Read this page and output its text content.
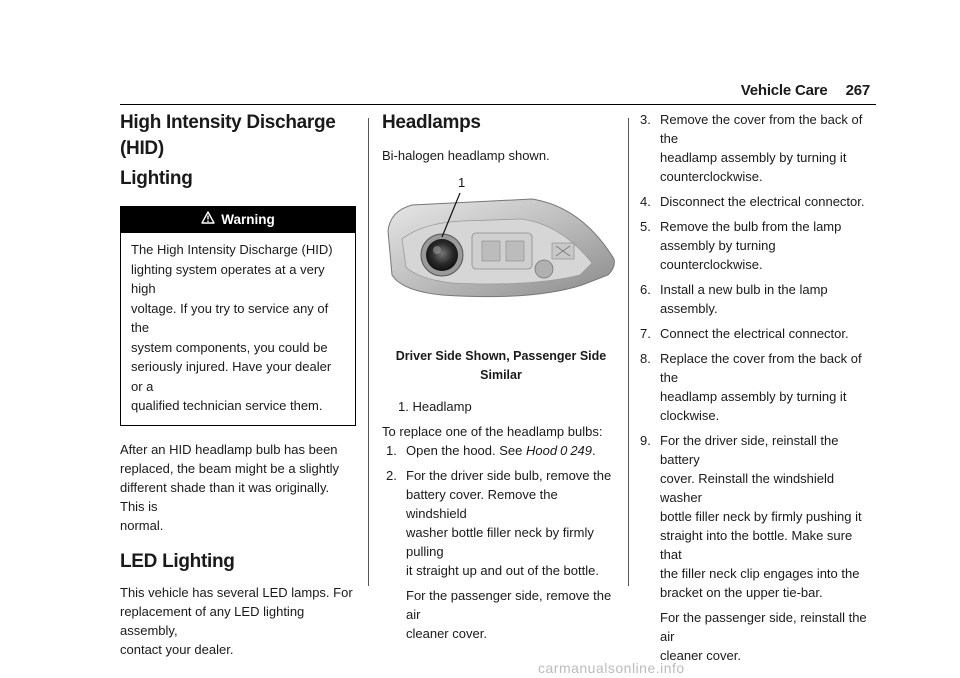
Vehicle Care 267
High Intensity Discharge (HID)
Lighting
Warning
The High Intensity Discharge (HID)
lighting system operates at a very high
voltage. If you try to service any of the
system components, you could be
seriously injured. Have your dealer or a
qualified technician service them.

After an HID headlamp bulb has been
replaced, the beam might be a slightly
different shade than it was originally. This is
normal.

LED Lighting

This vehicle has several LED lamps. For
replacement of any LED lighting assembly,
contact your dealer.

Headlamps

Bi-halogen headlamp shown.

1

Driver Side Shown, Passenger Side Similar

1. Headlamp

To replace one of the headlamp bulbs:

1. Open the hood. See Hood 0 249.
2. For the driver side bulb, remove the
battery cover. Remove the windshield
washer bottle filler neck by firmly pulling
it straight up and out of the bottle.
For the passenger side, remove the air
cleaner cover.
3. Remove the cover from the back of the
headlamp assembly by turning it
counterclockwise.
4. Disconnect the electrical connector.
5. Remove the bulb from the lamp
assembly by turning counterclockwise.
6. Install a new bulb in the lamp assembly.
7. Connect the electrical connector.
8. Replace the cover from the back of the
headlamp assembly by turning it
clockwise.
9. For the driver side, reinstall the battery
cover. Reinstall the windshield washer
bottle filler neck by firmly pushing it
straight into the bottle. Make sure that
the filler neck clip engages into the
bracket on the upper tie-bar.
For the passenger side, reinstall the air
cleaner cover.
carmanualsonline.info
